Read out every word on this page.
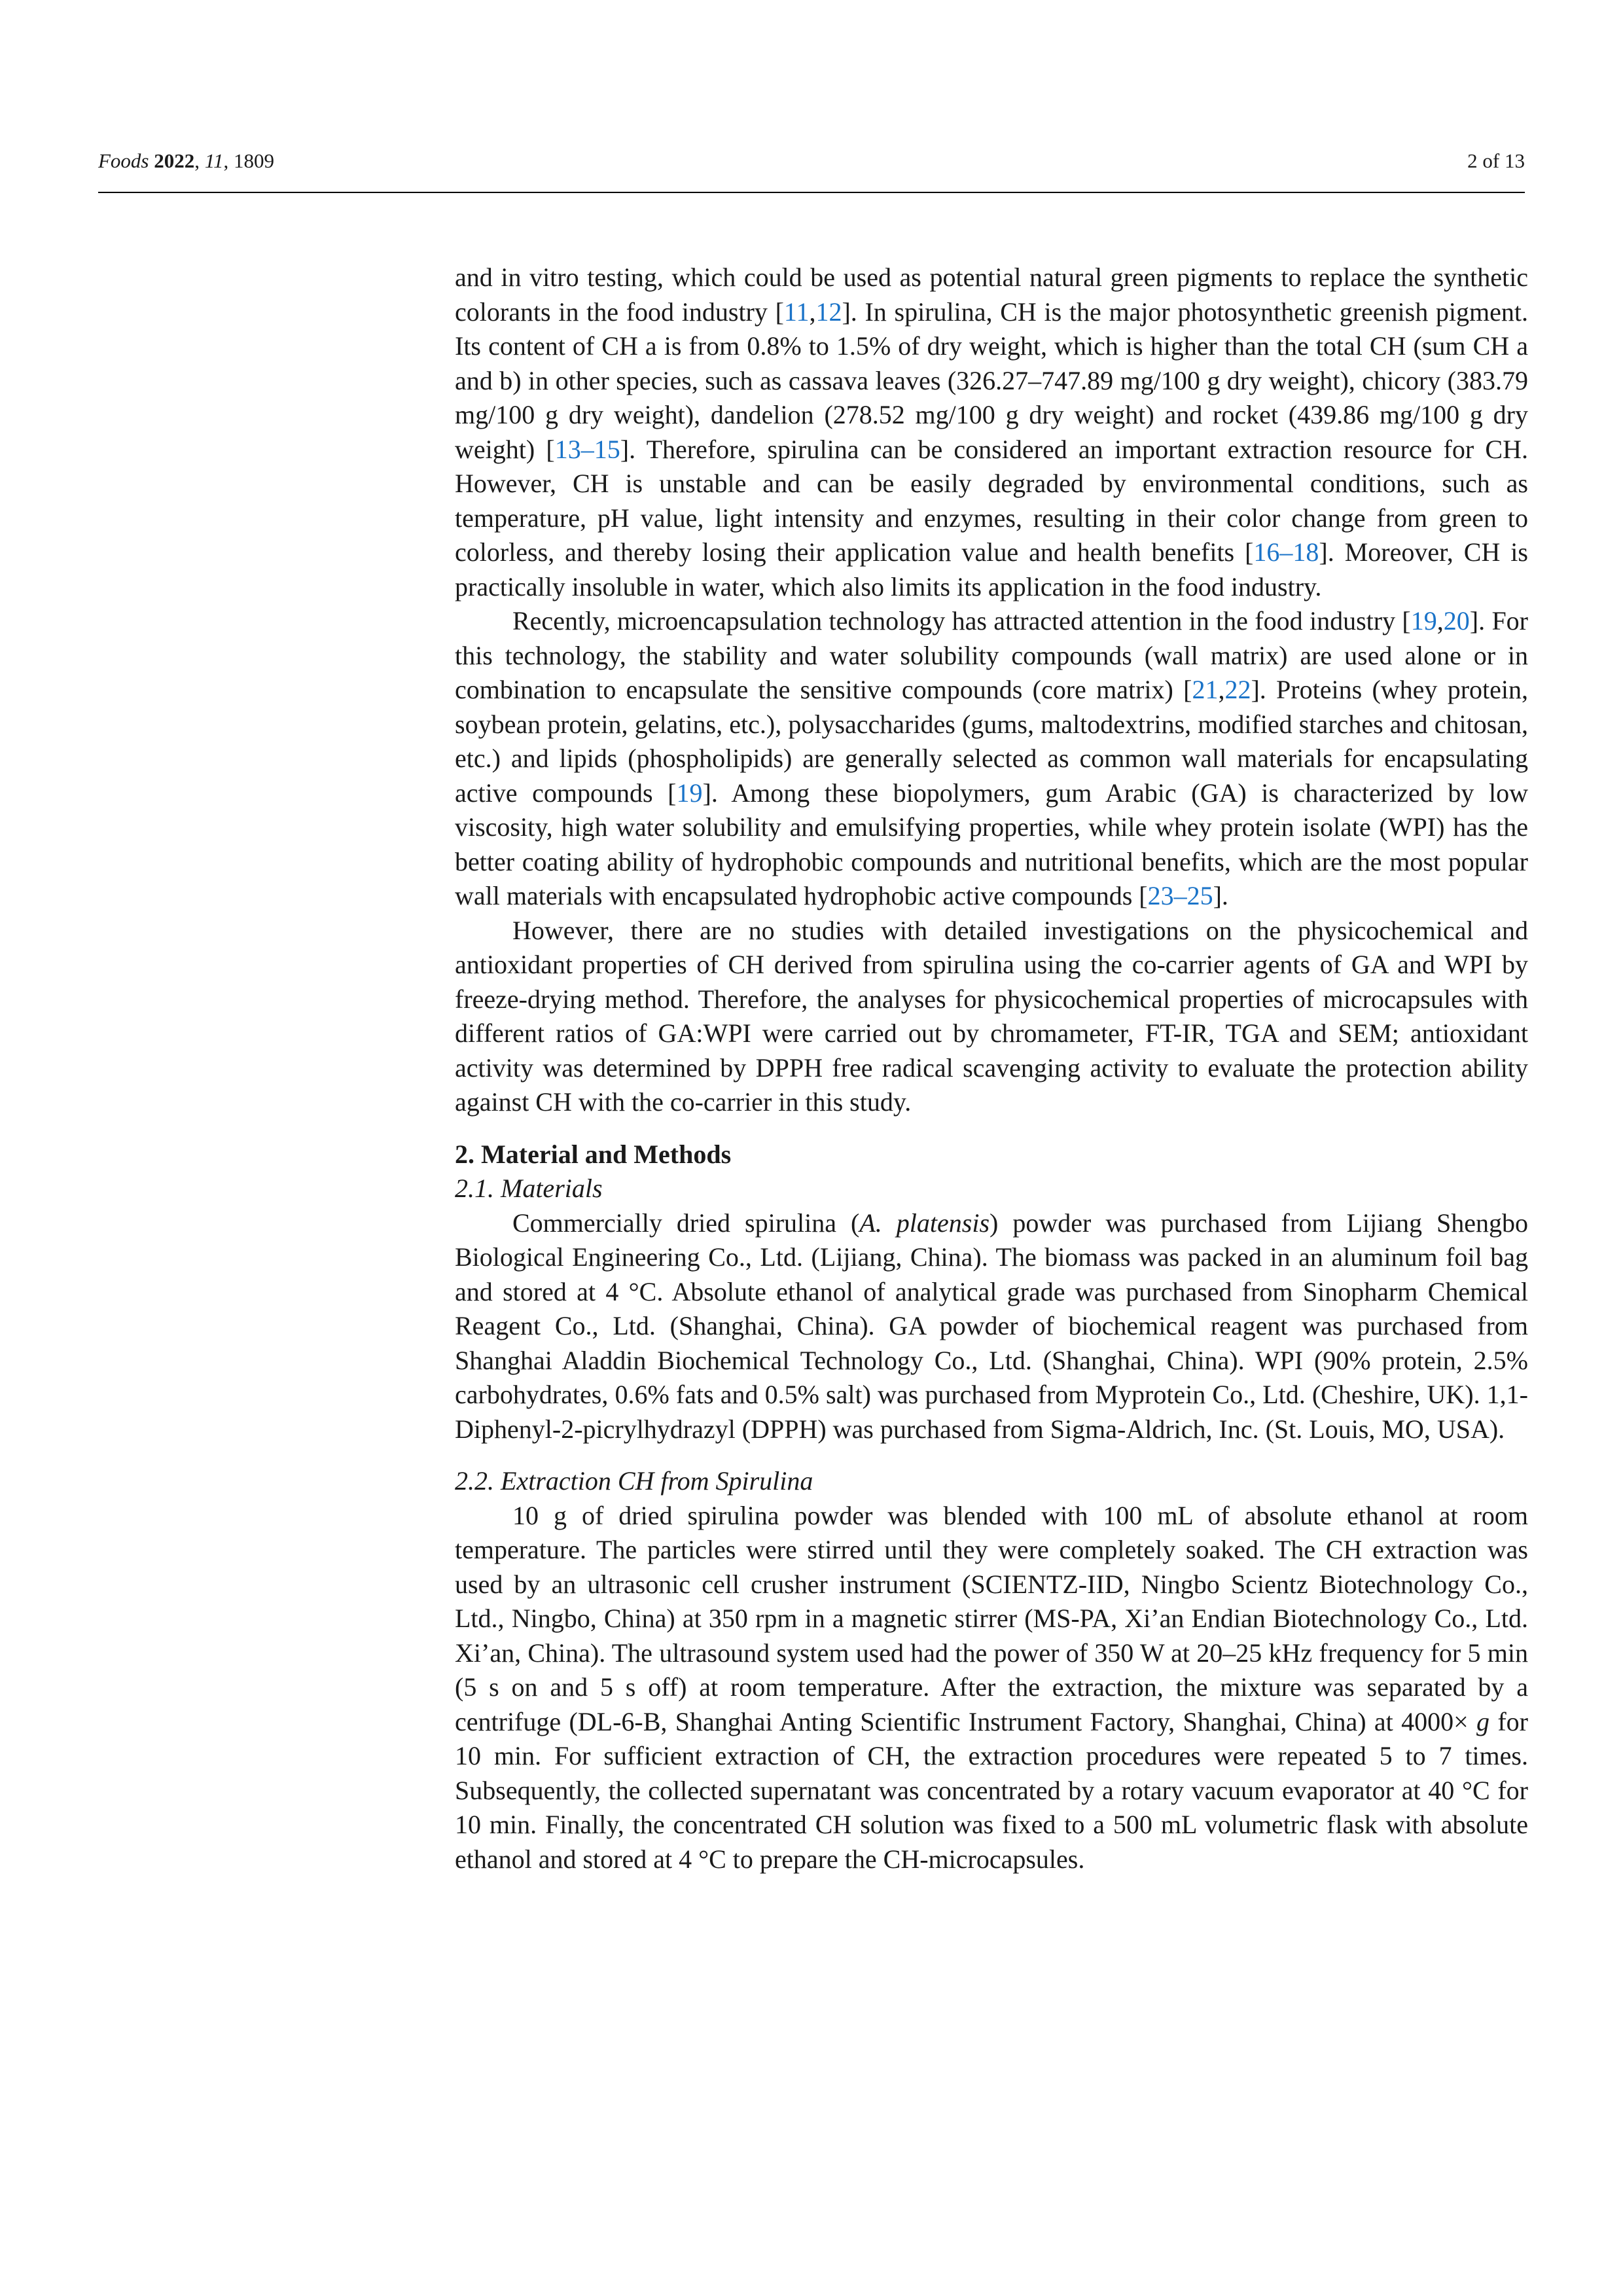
Foods 2022, 11, 1809	2 of 13

and in vitro testing, which could be used as potential natural green pigments to replace the synthetic colorants in the food industry [11,12]. In spirulina, CH is the major photosynthetic greenish pigment. Its content of CH a is from 0.8% to 1.5% of dry weight, which is higher than the total CH (sum CH a and b) in other species, such as cassava leaves (326.27–747.89 mg/100 g dry weight), chicory (383.79 mg/100 g dry weight), dandelion (278.52 mg/100 g dry weight) and rocket (439.86 mg/100 g dry weight) [13–15]. Therefore, spirulina can be considered an important extraction resource for CH. However, CH is unstable and can be easily degraded by environmental conditions, such as temperature, pH value, light intensity and enzymes, resulting in their color change from green to colorless, and thereby losing their application value and health benefits [16–18]. Moreover, CH is practically insoluble in water, which also limits its application in the food industry.

Recently, microencapsulation technology has attracted attention in the food industry [19,20]. For this technology, the stability and water solubility compounds (wall matrix) are used alone or in combination to encapsulate the sensitive compounds (core matrix) [21,22]. Proteins (whey protein, soybean protein, gelatins, etc.), polysaccharides (gums, maltodextrins, modified starches and chitosan, etc.) and lipids (phospholipids) are generally selected as common wall materials for encapsulating active compounds [19]. Among these biopolymers, gum Arabic (GA) is characterized by low viscosity, high water solubility and emulsifying properties, while whey protein isolate (WPI) has the better coating ability of hydrophobic compounds and nutritional benefits, which are the most popular wall materials with encapsulated hydrophobic active compounds [23–25].

However, there are no studies with detailed investigations on the physicochemical and antioxidant properties of CH derived from spirulina using the co-carrier agents of GA and WPI by freeze-drying method. Therefore, the analyses for physicochemical properties of microcapsules with different ratios of GA:WPI were carried out by chromameter, FT-IR, TGA and SEM; antioxidant activity was determined by DPPH free radical scavenging activity to evaluate the protection ability against CH with the co-carrier in this study.

2. Material and Methods
2.1. Materials

Commercially dried spirulina (A. platensis) powder was purchased from Lijiang Shengbo Biological Engineering Co., Ltd. (Lijiang, China). The biomass was packed in an aluminum foil bag and stored at 4 °C. Absolute ethanol of analytical grade was purchased from Sinopharm Chemical Reagent Co., Ltd. (Shanghai, China). GA powder of biochemical reagent was purchased from Shanghai Aladdin Biochemical Technology Co., Ltd. (Shanghai, China). WPI (90% protein, 2.5% carbohydrates, 0.6% fats and 0.5% salt) was purchased from Myprotein Co., Ltd. (Cheshire, UK). 1,1-Diphenyl-2-picrylhydrazyl (DPPH) was purchased from Sigma-Aldrich, Inc. (St. Louis, MO, USA).

2.2. Extraction CH from Spirulina

10 g of dried spirulina powder was blended with 100 mL of absolute ethanol at room temperature. The particles were stirred until they were completely soaked. The CH extraction was used by an ultrasonic cell crusher instrument (SCIENTZ-IID, Ningbo Scientz Biotechnology Co., Ltd., Ningbo, China) at 350 rpm in a magnetic stirrer (MS-PA, Xi’an Endian Biotechnology Co., Ltd. Xi’an, China). The ultrasound system used had the power of 350 W at 20–25 kHz frequency for 5 min (5 s on and 5 s off) at room temperature. After the extraction, the mixture was separated by a centrifuge (DL-6-B, Shanghai Anting Scientific Instrument Factory, Shanghai, China) at 4000× g for 10 min. For sufficient extraction of CH, the extraction procedures were repeated 5 to 7 times. Subsequently, the collected supernatant was concentrated by a rotary vacuum evaporator at 40 °C for 10 min. Finally, the concentrated CH solution was fixed to a 500 mL volumetric flask with absolute ethanol and stored at 4 °C to prepare the CH-microcapsules.
